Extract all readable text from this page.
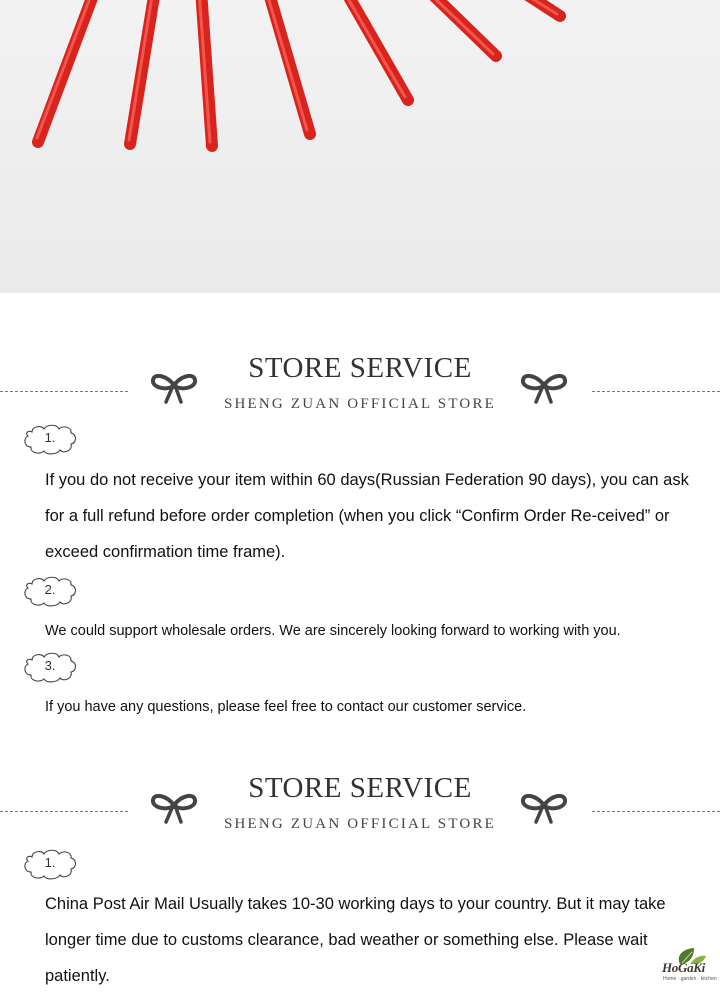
STORE SERVICE
SHENG ZUAN OFFICIAL STORE
1.
If you do not receive your item within 60 days(Russian Federation 90 days), you can ask for a full refund before order completion (when you click “Confirm Order Re-ceived” or exceed confirmation time frame).
2.
We could support wholesale orders. We are sincerely looking forward to working with you.
3.
If you have any questions, please feel free to contact our customer service.
STORE SERVICE
SHENG ZUAN OFFICIAL STORE
1.
China Post Air Mail Usually takes 10-30 working days to your country. But it may take longer time due to customs clearance, bad weather or something else. Please wait patiently.	HoGaKi
Home · garden · kitchen
